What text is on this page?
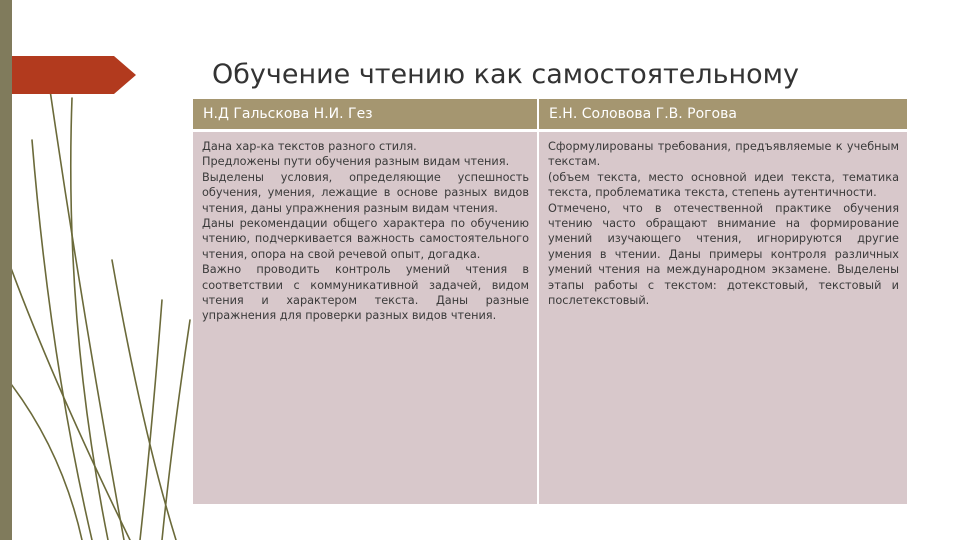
Обучение чтению как самостоятельному
Н.Д Гальскова Н.И. Гез	Е.Н. Соловова Г.В. Рогова
Дана хар-ка текстов разного стиля.
Предложены пути обучения разным видам чтения.
Выделены условия, определяющие успешность обучения, умения, лежащие в основе разных видов чтения, даны упражнения разным видам чтения.
Даны рекомендации общего характера по обучению чтению, подчеркивается важность самостоятельного чтения, опора на свой речевой опыт, догадка.
Важно проводить контроль умений чтения в соответствии с коммуникативной задачей, видом чтения и характером текста. Даны разные упражнения для проверки разных видов чтения.
Сформулированы требования, предъявляемые к учебным текстам.
(объем текста, место основной идеи текста, тематика текста, проблематика текста, степень аутентичности.
Отмечено, что в отечественной практике обучения чтению часто обращают внимание на формирование умений изучающего чтения, игнорируются другие умения в чтении. Даны примеры контроля различных умений чтения на международном экзамене. Выделены этапы работы с текстом: дотекстовый, текстовый и послетекстовый.
